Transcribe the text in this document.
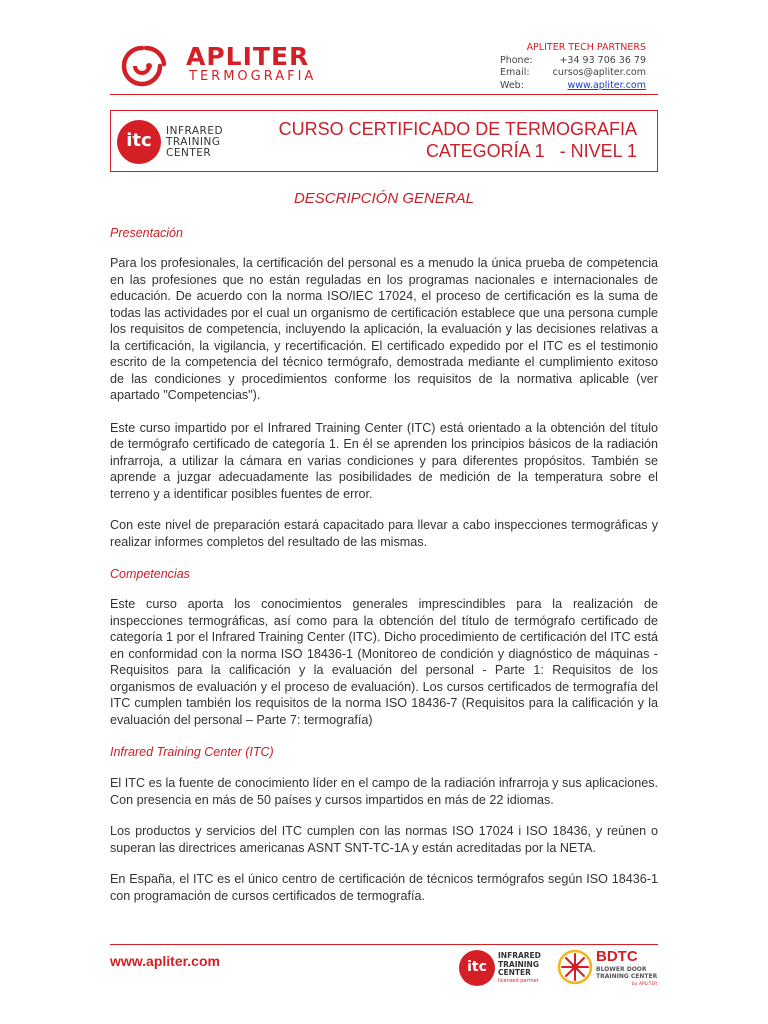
APLITER
TERMOGRAFIA
APLITER TECH PARTNERS
Phone:	+34 93 706 36 79
Email:	cursos@apliter.com
Web:	www.apliter.com
itc	INFRARED
TRAINING
CENTER
CURSO CERTIFICADO DE TERMOGRAFIA
CATEGORÍA 1   - NIVEL 1
DESCRIPCIÓN GENERAL
Presentación

Para los profesionales, la certificación del personal es a menudo la única prueba de competencia en las profesiones que no están reguladas en los programas nacionales e internacionales de educación. De acuerdo con la norma ISO/IEC 17024, el proceso de certificación es la suma de todas las actividades por el cual un organismo de certificación establece que una persona cumple los requisitos de competencia, incluyendo la aplicación, la evaluación y las decisiones relativas a la certificación, la vigilancia, y recertificación. El certificado expedido por el ITC es el testimonio escrito de la competencia del técnico termógrafo, demostrada mediante el cumplimiento exitoso de las condiciones y procedimientos conforme los requisitos de la normativa aplicable (ver apartado "Competencias").

Este curso impartido por el Infrared Training Center (ITC) está orientado a la obtención del título de termógrafo certificado de categoría 1. En él se aprenden los principios básicos de la radiación infrarroja, a utilizar la cámara en varias condiciones y para diferentes propósitos. También se aprende a juzgar adecuadamente las posibilidades de medición de la temperatura sobre el terreno y a identificar posibles fuentes de error.

Con este nivel de preparación estará capacitado para llevar a cabo inspecciones termográficas y realizar informes completos del resultado de las mismas.

Competencias

Este curso aporta los conocimientos generales imprescindibles para la realización de inspecciones termográficas, así como para la obtención del título de termógrafo certificado de categoría 1 por el Infrared Training Center (ITC). Dicho procedimiento de certificación del ITC está en conformidad con la norma ISO 18436-1 (Monitoreo de condición y diagnóstico de máquinas - Requisitos para la calificación y la evaluación del personal - Parte 1: Requisitos de los organismos de evaluación y el proceso de evaluación). Los cursos certificados de termografía del ITC cumplen también los requisitos de la norma ISO 18436-7 (Requisitos para la calificación y la evaluación del personal – Parte 7: termografía)

Infrared Training Center (ITC)

El ITC es la fuente de conocimiento líder en el campo de la radiación infrarroja y sus aplicaciones. Con presencia en más de 50 países y cursos impartidos en más de 22 idiomas.

Los productos y servicios del ITC cumplen con las normas ISO 17024 i ISO 18436, y reúnen o superan las directrices americanas ASNT SNT-TC-1A y están acreditadas por la NETA.

En España, el ITC es el único centro de certificación de técnicos termógrafos según ISO 18436-1 con programación de cursos certificados de termografía.

www.apliter.com	itc
INFRARED
TRAINING
CENTER
licensed partner
BDTC
BLOWER DOOR
TRAINING CENTER
by APLITER
